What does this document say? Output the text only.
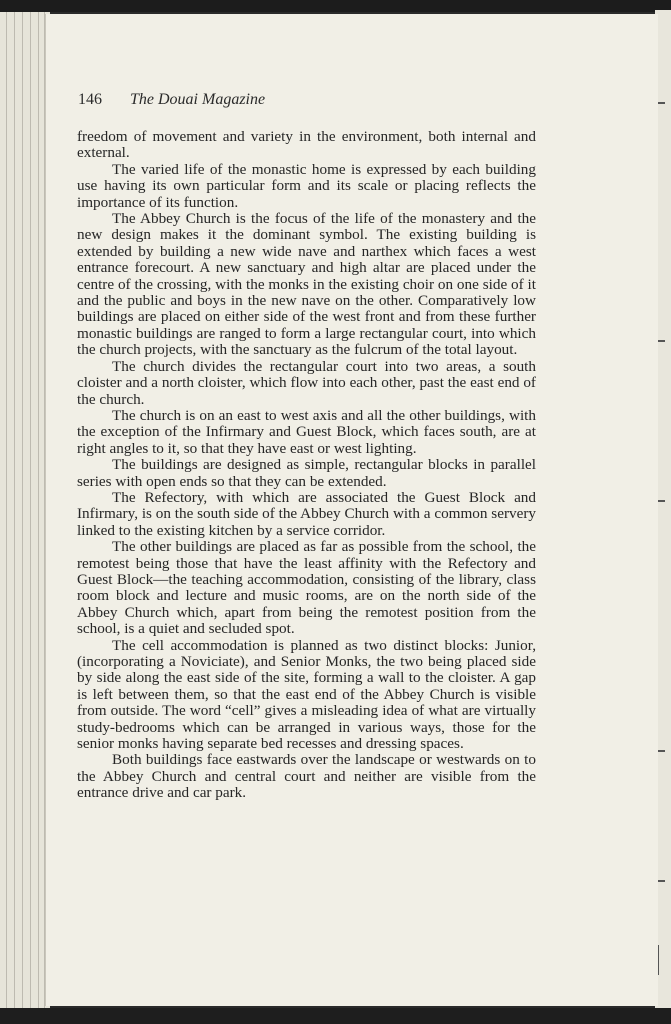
146 The Douai Magazine

freedom of movement and variety in the environment, both internal and external.

The varied life of the monastic home is expressed by each building use having its own particular form and its scale or placing reflects the importance of its function.

The Abbey Church is the focus of the life of the monastery and the new design makes it the dominant symbol. The existing building is extended by building a new wide nave and narthex which faces a west entrance forecourt. A new sanctuary and high altar are placed under the centre of the crossing, with the monks in the existing choir on one side of it and the public and boys in the new nave on the other. Comparatively low buildings are placed on either side of the west front and from these further monastic buildings are ranged to form a large rectangular court, into which the church projects, with the sanctuary as the fulcrum of the total layout.

The church divides the rectangular court into two areas, a south cloister and a north cloister, which flow into each other, past the east end of the church.

The church is on an east to west axis and all the other buildings, with the exception of the Infirmary and Guest Block, which faces south, are at right angles to it, so that they have east or west lighting.

The buildings are designed as simple, rectangular blocks in parallel series with open ends so that they can be extended.

The Refectory, with which are associated the Guest Block and Infirmary, is on the south side of the Abbey Church with a common servery linked to the existing kitchen by a service corridor.

The other buildings are placed as far as possible from the school, the remotest being those that have the least affinity with the Refectory and Guest Block—the teaching accommodation, consisting of the library, class room block and lecture and music rooms, are on the north side of the Abbey Church which, apart from being the remotest position from the school, is a quiet and secluded spot.

The cell accommodation is planned as two distinct blocks: Junior, (incorporating a Noviciate), and Senior Monks, the two being placed side by side along the east side of the site, forming a wall to the cloister. A gap is left between them, so that the east end of the Abbey Church is visible from outside. The word “cell” gives a misleading idea of what are virtually study-bedrooms which can be arranged in various ways, those for the senior monks having separate bed recesses and dressing spaces.

Both buildings face eastwards over the landscape or westwards on to the Abbey Church and central court and neither are visible from the entrance drive and car park.
